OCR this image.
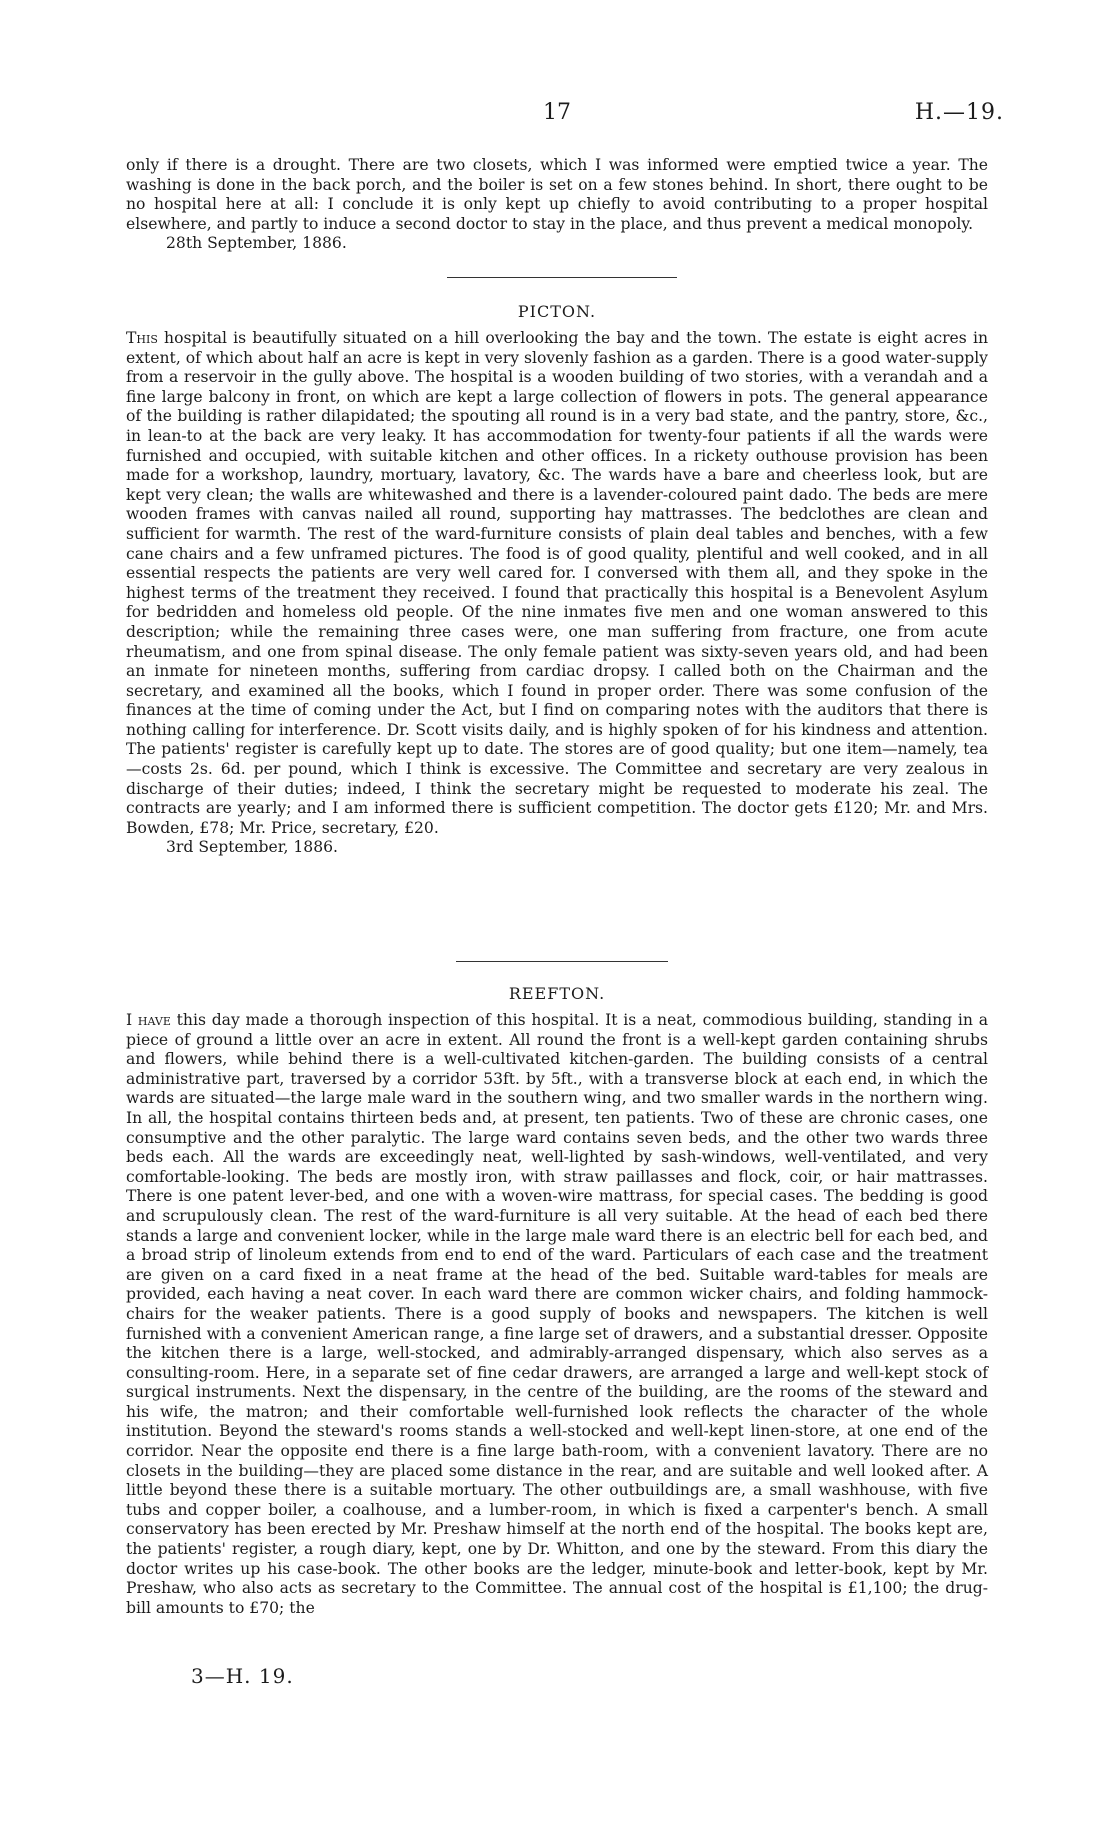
17	H.—19.

only if there is a drought. There are two closets, which I was informed were emptied twice a year. The washing is done in the back porch, and the boiler is set on a few stones behind. In short, there ought to be no hospital here at all: I conclude it is only kept up chiefly to avoid contributing to a proper hospital elsewhere, and partly to induce a second doctor to stay in the place, and thus prevent a medical monopoly.

28th September, 1886.

PICTON.

This hospital is beautifully situated on a hill overlooking the bay and the town. The estate is eight acres in extent, of which about half an acre is kept in very slovenly fashion as a garden. There is a good water-supply from a reservoir in the gully above. The hospital is a wooden building of two stories, with a verandah and a fine large balcony in front, on which are kept a large collection of flowers in pots. The general appearance of the building is rather dilapidated; the spouting all round is in a very bad state, and the pantry, store, &c., in lean-to at the back are very leaky. It has accommodation for twenty-four patients if all the wards were furnished and occupied, with suitable kitchen and other offices. In a rickety outhouse provision has been made for a workshop, laundry, mortuary, lavatory, &c. The wards have a bare and cheerless look, but are kept very clean; the walls are whitewashed and there is a lavender-coloured paint dado. The beds are mere wooden frames with canvas nailed all round, supporting hay mattrasses. The bedclothes are clean and sufficient for warmth. The rest of the ward-furniture consists of plain deal tables and benches, with a few cane chairs and a few unframed pictures. The food is of good quality, plentiful and well cooked, and in all essential respects the patients are very well cared for. I conversed with them all, and they spoke in the highest terms of the treatment they received. I found that practically this hospital is a Benevolent Asylum for bedridden and homeless old people. Of the nine inmates five men and one woman answered to this description; while the remaining three cases were, one man suffering from fracture, one from acute rheumatism, and one from spinal disease. The only female patient was sixty-seven years old, and had been an inmate for nineteen months, suffering from cardiac dropsy. I called both on the Chairman and the secretary, and examined all the books, which I found in proper order. There was some confusion of the finances at the time of coming under the Act, but I find on comparing notes with the auditors that there is nothing calling for interference. Dr. Scott visits daily, and is highly spoken of for his kindness and attention. The patients' register is carefully kept up to date. The stores are of good quality; but one item—namely, tea—costs 2s. 6d. per pound, which I think is excessive. The Committee and secretary are very zealous in discharge of their duties; indeed, I think the secretary might be requested to moderate his zeal. The contracts are yearly; and I am informed there is sufficient competition. The doctor gets £120; Mr. and Mrs. Bowden, £78; Mr. Price, secretary, £20.

3rd September, 1886.

REEFTON.

I have this day made a thorough inspection of this hospital. It is a neat, commodious building, standing in a piece of ground a little over an acre in extent. All round the front is a well-kept garden containing shrubs and flowers, while behind there is a well-cultivated kitchen-garden. The building consists of a central administrative part, traversed by a corridor 53ft. by 5ft., with a transverse block at each end, in which the wards are situated—the large male ward in the southern wing, and two smaller wards in the northern wing. In all, the hospital contains thirteen beds and, at present, ten patients. Two of these are chronic cases, one consumptive and the other paralytic. The large ward contains seven beds, and the other two wards three beds each. All the wards are exceedingly neat, well-lighted by sash-windows, well-ventilated, and very comfortable-looking. The beds are mostly iron, with straw paillasses and flock, coir, or hair mattrasses. There is one patent lever-bed, and one with a woven-wire mattrass, for special cases. The bedding is good and scrupulously clean. The rest of the ward-furniture is all very suitable. At the head of each bed there stands a large and convenient locker, while in the large male ward there is an electric bell for each bed, and a broad strip of linoleum extends from end to end of the ward. Particulars of each case and the treatment are given on a card fixed in a neat frame at the head of the bed. Suitable ward-tables for meals are provided, each having a neat cover. In each ward there are common wicker chairs, and folding hammock-chairs for the weaker patients. There is a good supply of books and newspapers. The kitchen is well furnished with a convenient American range, a fine large set of drawers, and a substantial dresser. Opposite the kitchen there is a large, well-stocked, and admirably-arranged dispensary, which also serves as a consulting-room. Here, in a separate set of fine cedar drawers, are arranged a large and well-kept stock of surgical instruments. Next the dispensary, in the centre of the building, are the rooms of the steward and his wife, the matron; and their comfortable well-furnished look reflects the character of the whole institution. Beyond the steward's rooms stands a well-stocked and well-kept linen-store, at one end of the corridor. Near the opposite end there is a fine large bath-room, with a convenient lavatory. There are no closets in the building—they are placed some distance in the rear, and are suitable and well looked after. A little beyond these there is a suitable mortuary. The other outbuildings are, a small washhouse, with five tubs and copper boiler, a coalhouse, and a lumber-room, in which is fixed a carpenter's bench. A small conservatory has been erected by Mr. Preshaw himself at the north end of the hospital. The books kept are, the patients' register, a rough diary, kept, one by Dr. Whitton, and one by the steward. From this diary the doctor writes up his case-book. The other books are the ledger, minute-book and letter-book, kept by Mr. Preshaw, who also acts as secretary to the Committee. The annual cost of the hospital is £1,100; the drug-bill amounts to £70; the

3—H. 19.
